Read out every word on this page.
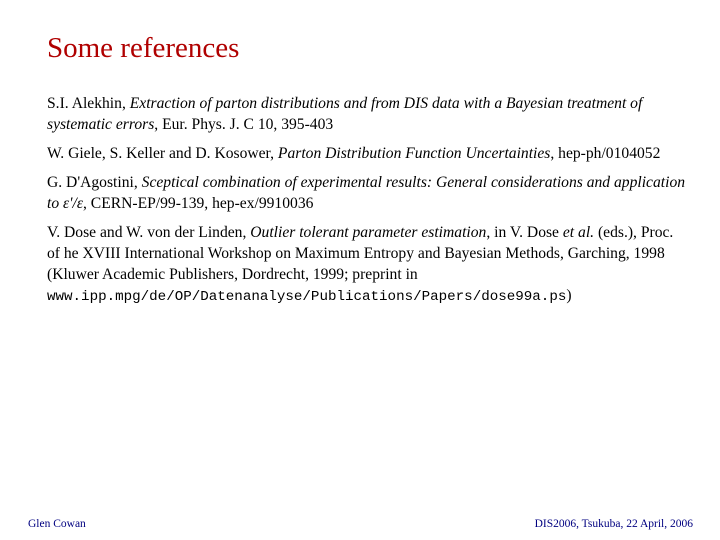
Some references

S.I. Alekhin, Extraction of parton distributions and from DIS data with a Bayesian treatment of systematic errors, Eur. Phys. J. C 10, 395-403

W. Giele, S. Keller and D. Kosower, Parton Distribution Function Uncertainties, hep-ph/0104052

G. D'Agostini, Sceptical combination of experimental results: General considerations and application to ε'/ε, CERN-EP/99-139, hep-ex/9910036

V. Dose and W. von der Linden, Outlier tolerant parameter estimation, in V. Dose et al. (eds.), Proc. of he XVIII International Workshop on Maximum Entropy and Bayesian Methods, Garching, 1998 (Kluwer Academic Publishers, Dordrecht, 1999; preprint in www.ipp.mpg/de/OP/Datenanalyse/Publications/Papers/dose99a.ps)

Glen Cowan	DIS2006, Tsukuba, 22 April, 2006
